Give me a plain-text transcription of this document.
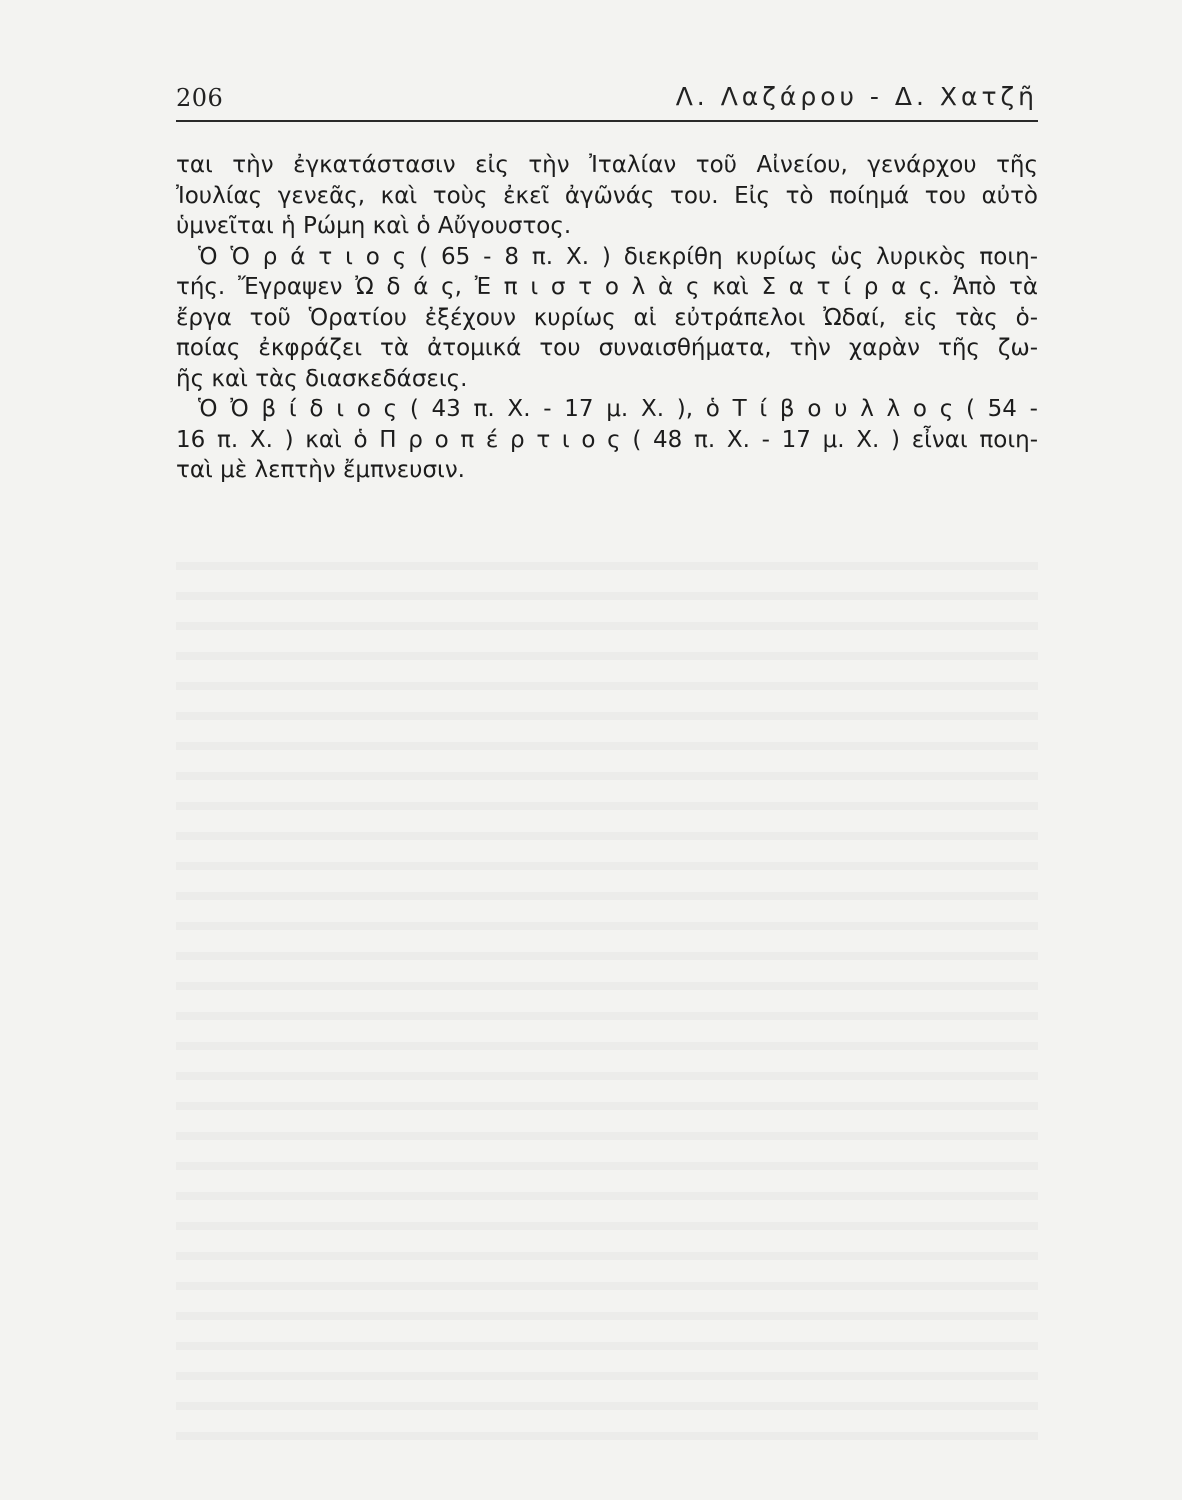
206	Λ. Λαζάρου - Δ. Χατζῆ
ται τὴν ἐγκατάστασιν εἰς τὴν Ἰταλίαν τοῦ Αἰνείου, γενάρχου τῆς
Ἰουλίας γενεᾶς, καὶ τοὺς ἐκεῖ ἀγῶνάς του. Εἰς τὸ ποίημά του αὐτὸ
ὑμνεῖται ἡ Ρώμη καὶ ὁ Αὔγουστος.
Ὁ Ὁ ρ ά τ ι ο ς ( 65 - 8 π. Χ. ) διεκρίθη κυρίως ὡς λυρικὸς ποιη-
τής. Ἔγραψεν Ὠ δ ά ς, Ἐ π ι σ τ ο λ ὰ ς καὶ Σ α τ ί ρ α ς. Ἀπὸ τὰ
ἔργα τοῦ Ὁρατίου ἐξέχουν κυρίως αἱ εὐτράπελοι Ὠδαί, εἰς τὰς ὁ-
ποίας ἐκφράζει τὰ ἀτομικά του συναισθήματα, τὴν χαρὰν τῆς ζω-
ῆς καὶ τὰς διασκεδάσεις.
Ὁ Ὀ β ί δ ι ο ς ( 43 π. Χ. - 17 μ. Χ. ), ὁ Τ ί β ο υ λ λ ο ς ( 54 -
16 π. Χ. ) καὶ ὁ Π ρ ο π έ ρ τ ι ο ς ( 48 π. Χ. - 17 μ. Χ. ) εἶναι ποιη-
ταὶ μὲ λεπτὴν ἔμπνευσιν.
